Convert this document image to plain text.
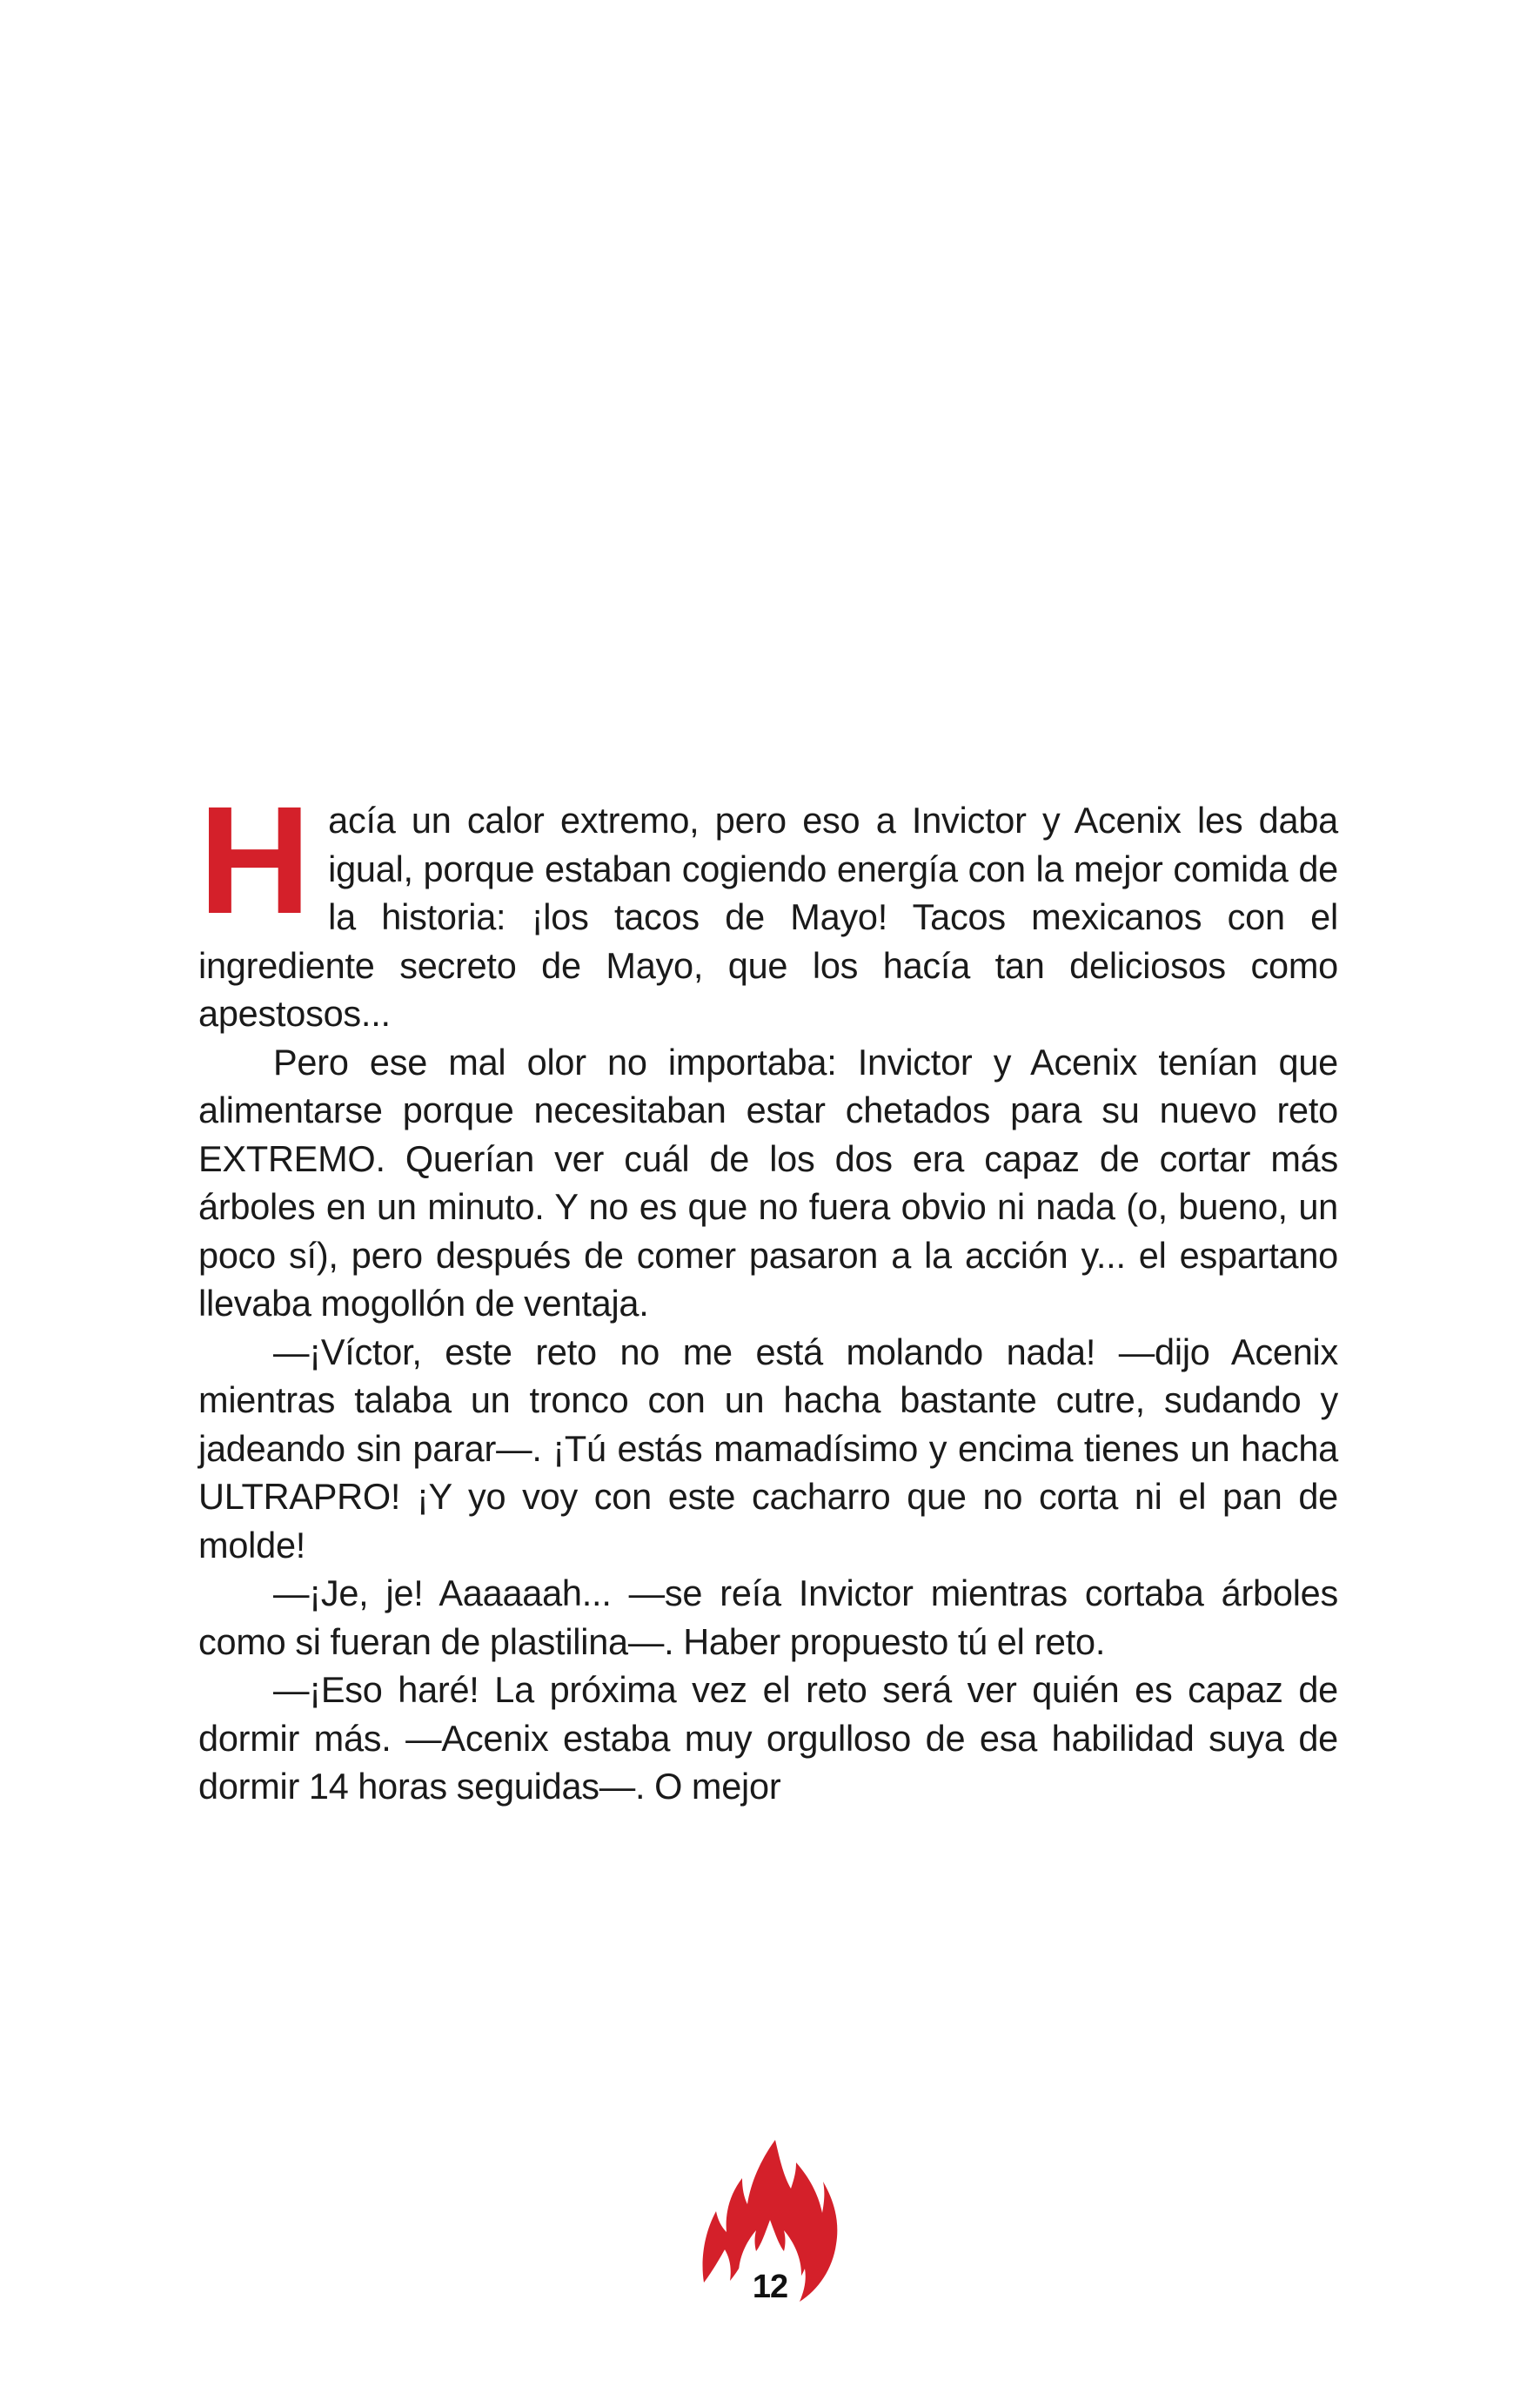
Hacía un calor extremo, pero eso a Invictor y Acenix les daba igual, porque estaban cogiendo energía con la mejor comida de la historia: ¡los tacos de Mayo! Tacos mexicanos con el ingrediente secreto de Mayo, que los hacía tan deliciosos como apestosos...

Pero ese mal olor no importaba: Invictor y Acenix tenían que alimentarse porque necesitaban estar chetados para su nuevo reto EXTREMO. Querían ver cuál de los dos era capaz de cortar más árboles en un minuto. Y no es que no fuera obvio ni nada (o, bueno, un poco sí), pero después de comer pasaron a la acción y... el espartano llevaba mogollón de ventaja.

—¡Víctor, este reto no me está molando nada! —dijo Acenix mientras talaba un tronco con un hacha bastante cutre, sudando y jadeando sin parar—. ¡Tú estás mamadísimo y encima tienes un hacha ULTRAPRO! ¡Y yo voy con este cacharro que no corta ni el pan de molde!

—¡Je, je! Aaaaaah... —se reía Invictor mientras cortaba árboles como si fueran de plastilina—. Haber propuesto tú el reto.

—¡Eso haré! La próxima vez el reto será ver quién es capaz de dormir más. —Acenix estaba muy orgulloso de esa habilidad suya de dormir 14 horas seguidas—. O mejor

12
